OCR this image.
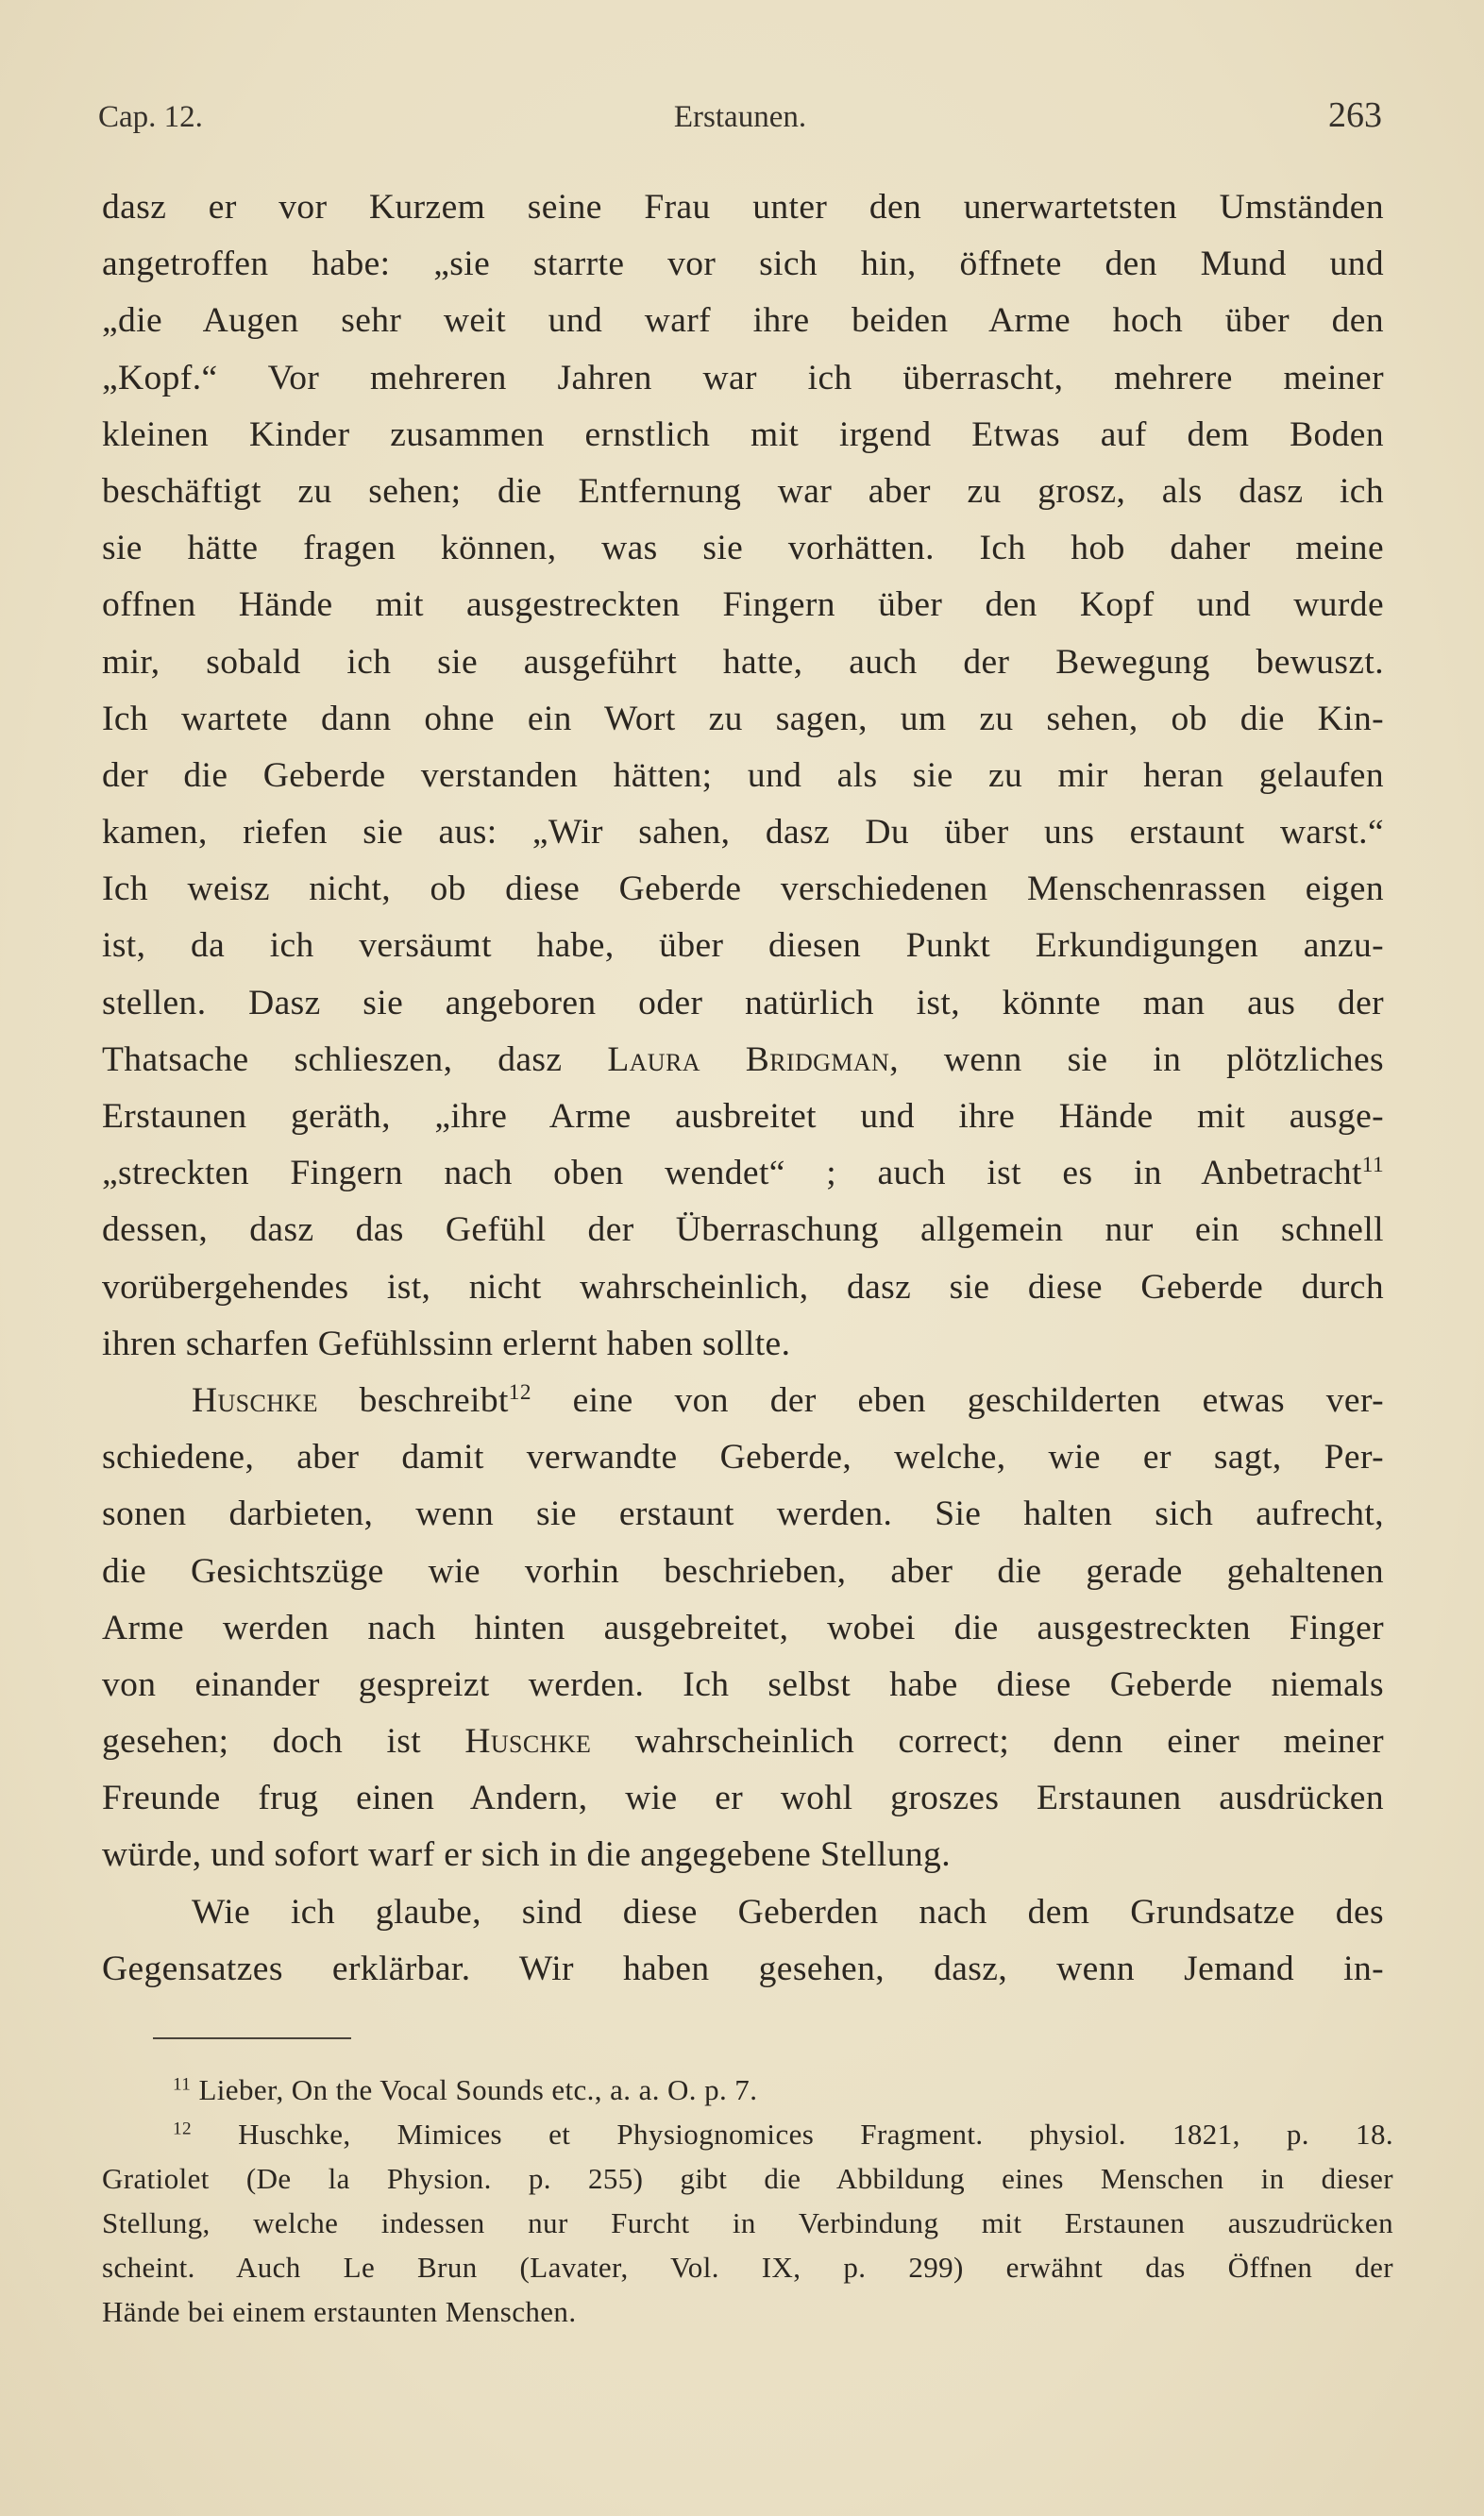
Cap. 12.	Erstaunen.	263
dasz er vor Kurzem seine Frau unter den unerwartetsten Umständen
angetroffen habe: „sie starrte vor sich hin, öffnete den Mund und
„die Augen sehr weit und warf ihre beiden Arme hoch über den
„Kopf.“ Vor mehreren Jahren war ich überrascht, mehrere meiner
kleinen Kinder zusammen ernstlich mit irgend Etwas auf dem Boden
beschäftigt zu sehen; die Entfernung war aber zu grosz, als dasz ich
sie hätte fragen können, was sie vorhätten. Ich hob daher meine
offnen Hände mit ausgestreckten Fingern über den Kopf und wurde
mir, sobald ich sie ausgeführt hatte, auch der Bewegung bewuszt.
Ich wartete dann ohne ein Wort zu sagen, um zu sehen, ob die Kin-
der die Geberde verstanden hätten; und als sie zu mir heran gelaufen
kamen, riefen sie aus: „Wir sahen, dasz Du über uns erstaunt warst.“
Ich weisz nicht, ob diese Geberde verschiedenen Menschenrassen eigen
ist, da ich versäumt habe, über diesen Punkt Erkundigungen anzu-
stellen. Dasz sie angeboren oder natürlich ist, könnte man aus der
Thatsache schlieszen, dasz Laura Bridgman, wenn sie in plötzliches
Erstaunen geräth, „ihre Arme ausbreitet und ihre Hände mit ausge-
„streckten Fingern nach oben wendet“ ; auch ist es in Anbetracht$^{11}$
dessen, dasz das Gefühl der Überraschung allgemein nur ein schnell
vorübergehendes ist, nicht wahrscheinlich, dasz sie diese Geberde durch
ihren scharfen Gefühlssinn erlernt haben sollte.
Huschke beschreibt$^{12}$ eine von der eben geschilderten etwas ver-
schiedene, aber damit verwandte Geberde, welche, wie er sagt, Per-
sonen darbieten, wenn sie erstaunt werden. Sie halten sich aufrecht,
die Gesichtszüge wie vorhin beschrieben, aber die gerade gehaltenen
Arme werden nach hinten ausgebreitet, wobei die ausgestreckten Finger
von einander gespreizt werden. Ich selbst habe diese Geberde niemals
gesehen; doch ist Huschke wahrscheinlich correct; denn einer meiner
Freunde frug einen Andern, wie er wohl groszes Erstaunen ausdrücken
würde, und sofort warf er sich in die angegebene Stellung.
Wie ich glaube, sind diese Geberden nach dem Grundsatze des
Gegensatzes erklärbar. Wir haben gesehen, dasz, wenn Jemand in-
$^{11}$ Lieber, On the Vocal Sounds etc., a. a. O. p. 7.
$^{12}$ Huschke, Mimices et Physiognomices Fragment. physiol. 1821, p. 18.
Gratiolet (De la Physion. p. 255) gibt die Abbildung eines Menschen in dieser
Stellung, welche indessen nur Furcht in Verbindung mit Erstaunen auszudrücken
scheint. Auch Le Brun (Lavater, Vol. IX, p. 299) erwähnt das Öffnen der
Hände bei einem erstaunten Menschen.
